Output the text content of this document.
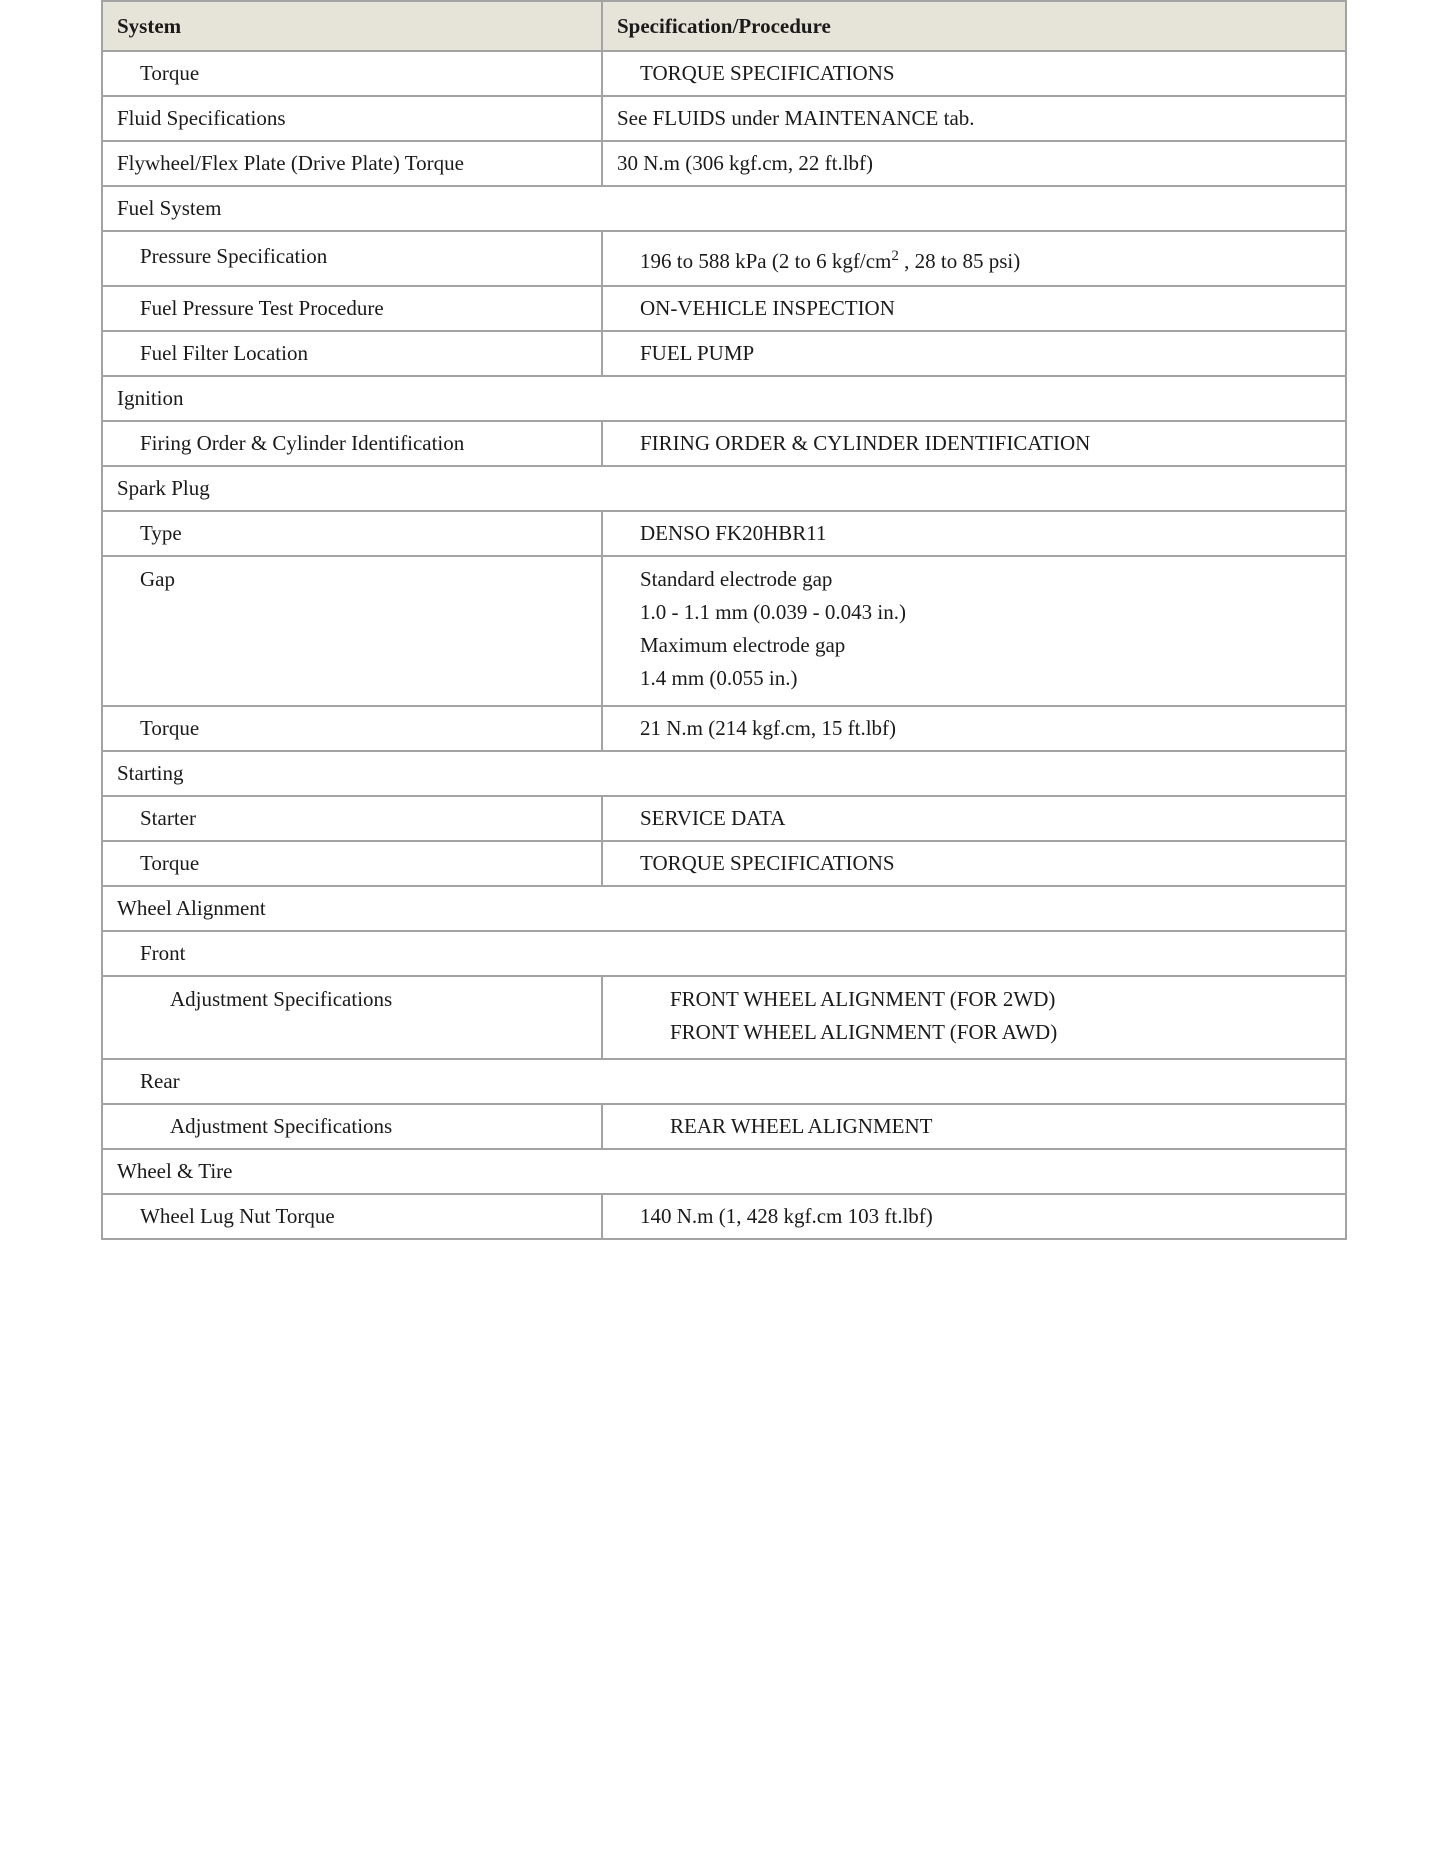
System	Specification/Procedure
Torque	TORQUE SPECIFICATIONS
Fluid Specifications	See FLUIDS under MAINTENANCE tab.
Flywheel/Flex Plate (Drive Plate) Torque	30 N.m (306 kgf.cm, 22 ft.lbf)
Fuel System	
Pressure Specification	196 to 588 kPa (2 to 6 kgf/$cm^2$ , 28 to 85 psi)
Fuel Pressure Test Procedure	ON-VEHICLE INSPECTION
Fuel Filter Location	FUEL PUMP
Ignition	
Firing Order & Cylinder Identification	FIRING ORDER & CYLINDER IDENTIFICATION
Spark Plug	
Type	DENSO FK20HBR11
Gap	Standard electrode gap
1.0 - 1.1 mm (0.039 - 0.043 in.)
Maximum electrode gap
1.4 mm (0.055 in.)

Torque	21 N.m (214 kgf.cm, 15 ft.lbf)
Starting	
Starter	SERVICE DATA
Torque	TORQUE SPECIFICATIONS
Wheel Alignment	
Front	
Adjustment Specifications	FRONT WHEEL ALIGNMENT (FOR 2WD)
FRONT WHEEL ALIGNMENT (FOR AWD)

Rear	
Adjustment Specifications	REAR WHEEL ALIGNMENT
Wheel & Tire	
Wheel Lug Nut Torque	140 N.m (1, 428 kgf.cm 103 ft.lbf)
